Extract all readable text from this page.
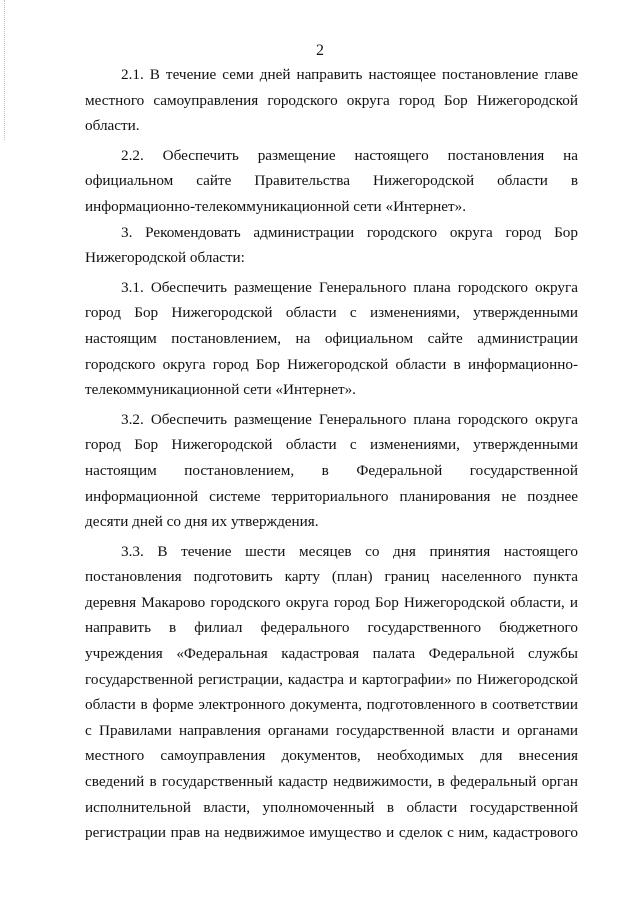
2
2.1. В течение семи дней направить настоящее постановление главе
местного самоуправления городского округа город Бор Нижегородской
области.
2.2. Обеспечить размещение настоящего постановления на
официальном сайте Правительства Нижегородской области в
информационно-телекоммуникационной сети «Интернет».
3. Рекомендовать администрации городского округа город Бор
Нижегородской области:
3.1. Обеспечить размещение Генерального плана городского округа
город Бор Нижегородской области с изменениями, утвержденными
настоящим постановлением, на официальном сайте администрации
городского округа город Бор Нижегородской области в информационно-
телекоммуникационной сети «Интернет».
3.2. Обеспечить размещение Генерального плана городского округа
город Бор Нижегородской области с изменениями, утвержденными
настоящим постановлением, в Федеральной государственной
информационной системе территориального планирования не позднее
десяти дней со дня их утверждения.
3.3. В течение шести месяцев со дня принятия настоящего
постановления подготовить карту (план) границ населенного пункта
деревня Макарово городского округа город Бор Нижегородской области, и
направить в филиал федерального государственного бюджетного
учреждения «Федеральная кадастровая палата Федеральной службы
государственной регистрации, кадастра и картографии» по Нижегородской
области в форме электронного документа, подготовленного в соответствии
с Правилами направления органами государственной власти и органами
местного самоуправления документов, необходимых для внесения
сведений в государственный кадастр недвижимости, в федеральный орган
исполнительной власти, уполномоченный в области государственной
регистрации прав на недвижимое имущество и сделок с ним, кадастрового
